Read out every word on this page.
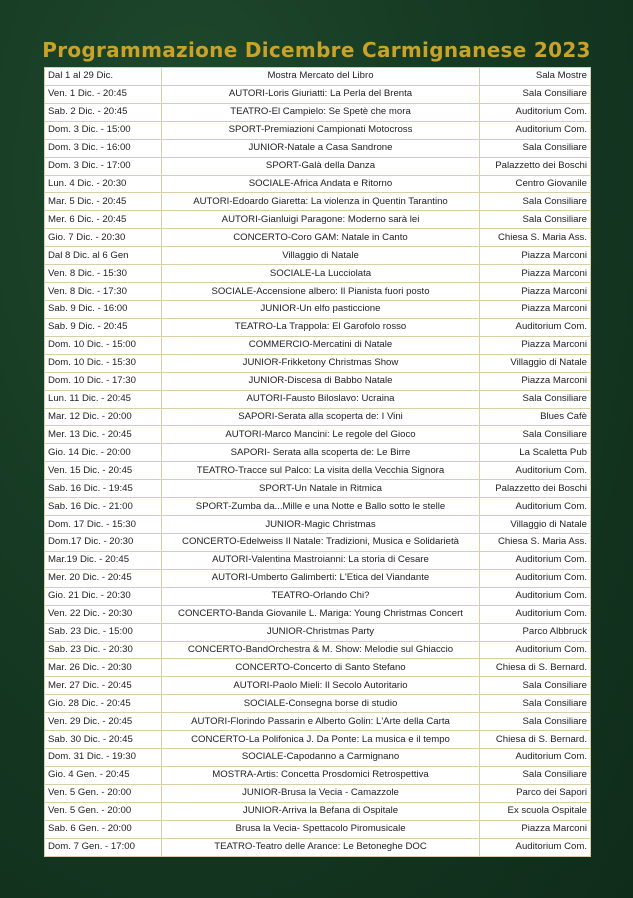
Programmazione Dicembre Carmignanese 2023
Dal 1 al 29 Dic.	Mostra Mercato del Libro	Sala Mostre
Ven. 1 Dic. - 20:45	AUTORI-Loris Giuriatti: La Perla del Brenta	Sala Consiliare
Sab. 2 Dic. - 20:45	TEATRO-El Campielo: Se Spetè che mora	Auditorium Com.
Dom. 3 Dic. - 15:00	SPORT-Premiazioni Campionati Motocross	Auditorium Com.
Dom. 3 Dic. - 16:00	JUNIOR-Natale a Casa Sandrone	Sala Consiliare
Dom. 3 Dic. - 17:00	SPORT-Galà della Danza	Palazzetto dei Boschi
Lun. 4 Dic. - 20:30	SOCIALE-Africa Andata e Ritorno	Centro Giovanile
Mar. 5 Dic. - 20:45	AUTORI-Edoardo Giaretta: La violenza in Quentin Tarantino	Sala Consiliare
Mer. 6 Dic. - 20:45	AUTORI-Gianluigi Paragone: Moderno sarà lei	Sala Consiliare
Gio. 7 Dic. - 20:30	CONCERTO-Coro GAM: Natale in Canto	Chiesa S. Maria Ass.
Dal 8 Dic. al 6 Gen	Villaggio di Natale	Piazza Marconi
Ven. 8 Dic. - 15:30	SOCIALE-La Lucciolata	Piazza Marconi
Ven. 8 Dic. - 17:30	SOCIALE-Accensione albero: Il Pianista fuori posto	Piazza Marconi
Sab. 9 Dic. - 16:00	JUNIOR-Un elfo pasticcione	Piazza Marconi
Sab. 9 Dic. - 20:45	TEATRO-La Trappola: El Garofolo rosso	Auditorium Com.
Dom. 10 Dic. - 15:00	COMMERCIO-Mercatini di Natale	Piazza Marconi
Dom. 10 Dic. - 15:30	JUNIOR-Frikketony Christmas Show	Villaggio di Natale
Dom. 10 Dic. - 17:30	JUNIOR-Discesa di Babbo Natale	Piazza Marconi
Lun. 11 Dic. - 20:45	AUTORI-Fausto Biloslavo: Ucraina	Sala Consiliare
Mar. 12 Dic. - 20:00	SAPORI-Serata alla scoperta de: I Vini	Blues Cafè
Mer. 13 Dic. - 20:45	AUTORI-Marco Mancini: Le regole del Gioco	Sala Consiliare
Gio. 14 Dic. - 20:00	SAPORI- Serata alla scoperta de: Le Birre	La Scaletta Pub
Ven. 15 Dic. - 20:45	TEATRO-Tracce sul Palco: La visita della Vecchia Signora	Auditorium Com.
Sab. 16 Dic. - 19:45	SPORT-Un Natale in Ritmica	Palazzetto dei Boschi
Sab. 16 Dic. - 21:00	SPORT-Zumba da...Mille e una Notte e Ballo sotto le stelle	Auditorium Com.
Dom. 17 Dic. - 15:30	JUNIOR-Magic Christmas	Villaggio di Natale
Dom.17 Dic. - 20:30	CONCERTO-Edelweiss Il Natale: Tradizioni, Musica e Solidarietà	Chiesa S. Maria Ass.
Mar.19 Dic. - 20:45	AUTORI-Valentina Mastroianni: La storia di Cesare	Auditorium Com.
Mer. 20 Dic. - 20:45	AUTORI-Umberto Galimberti: L'Etica del Viandante	Auditorium Com.
Gio. 21 Dic. - 20:30	TEATRO-Orlando Chi?	Auditorium Com.
Ven. 22 Dic. - 20:30	CONCERTO-Banda Giovanile L. Mariga: Young Christmas Concert	Auditorium Com.
Sab. 23 Dic. - 15:00	JUNIOR-Christmas Party	Parco Albbruck
Sab. 23 Dic. - 20:30	CONCERTO-BandOrchestra & M. Show: Melodie sul Ghiaccio	Auditorium Com.
Mar. 26 Dic. - 20:30	CONCERTO-Concerto di Santo Stefano	Chiesa di S. Bernard.
Mer. 27 Dic. - 20:45	AUTORI-Paolo Mieli: Il Secolo Autoritario	Sala Consiliare
Gio. 28 Dic. - 20:45	SOCIALE-Consegna borse di studio	Sala Consiliare
Ven. 29 Dic. - 20:45	AUTORI-Florindo Passarin e Alberto Golin: L'Arte della Carta	Sala Consiliare
Sab. 30 Dic. - 20:45	CONCERTO-La Polifonica J. Da Ponte: La musica e il tempo	Chiesa di S. Bernard.
Dom. 31 Dic. - 19:30	SOCIALE-Capodanno a Carmignano	Auditorium Com.
Gio. 4 Gen. - 20:45	MOSTRA-Artis: Concetta Prosdomici Retrospettiva	Sala Consiliare
Ven. 5 Gen. - 20:00	JUNIOR-Brusa la Vecia - Camazzole	Parco dei Sapori
Ven. 5 Gen. - 20:00	JUNIOR-Arriva la Befana di Ospitale	Ex scuola Ospitale
Sab. 6 Gen. - 20:00	Brusa la Vecia- Spettacolo Piromusicale	Piazza Marconi
Dom. 7 Gen. - 17:00	TEATRO-Teatro delle Arance: Le Betoneghe DOC	Auditorium Com.
